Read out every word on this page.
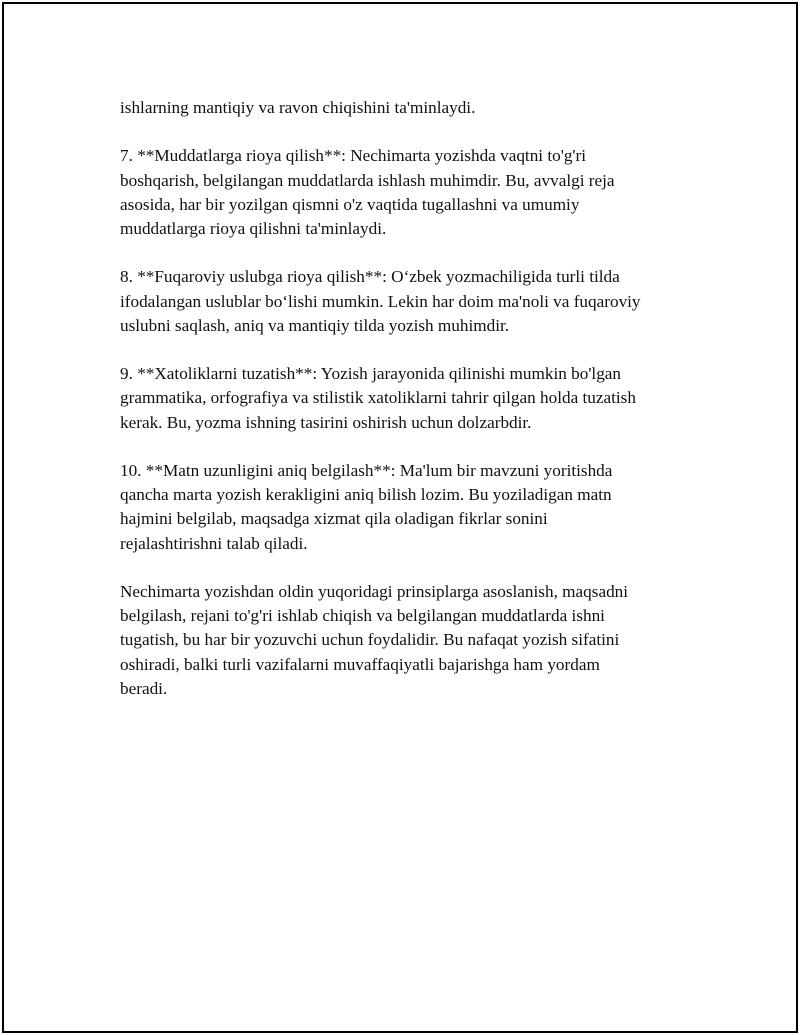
ishlarning mantiqiy va ravon chiqishini ta'minlaydi.

7. **Muddatlarga rioya qilish**: Nechimarta yozishda vaqtni to'g'ri
boshqarish, belgilangan muddatlarda ishlash muhimdir. Bu, avvalgi reja
asosida, har bir yozilgan qismni o'z vaqtida tugallashni va umumiy
muddatlarga rioya qilishni ta'minlaydi.

8. **Fuqaroviy uslubga rioya qilish**: O‘zbek yozmachiligida turli tilda
ifodalangan uslublar bo‘lishi mumkin. Lekin har doim ma'noli va fuqaroviy
uslubni saqlash, aniq va mantiqiy tilda yozish muhimdir.

9. **Xatoliklarni tuzatish**: Yozish jarayonida qilinishi mumkin bo'lgan
grammatika, orfografiya va stilistik xatoliklarni tahrir qilgan holda tuzatish
kerak. Bu, yozma ishning tasirini oshirish uchun dolzarbdir.

10. **Matn uzunligini aniq belgilash**: Ma'lum bir mavzuni yoritishda
qancha marta yozish kerakligini aniq bilish lozim. Bu yoziladigan matn
hajmini belgilab, maqsadga xizmat qila oladigan fikrlar sonini
rejalashtirishni talab qiladi.

Nechimarta yozishdan oldin yuqoridagi prinsiplarga asoslanish, maqsadni
belgilash, rejani to'g'ri ishlab chiqish va belgilangan muddatlarda ishni
tugatish, bu har bir yozuvchi uchun foydalidir. Bu nafaqat yozish sifatini
oshiradi, balki turli vazifalarni muvaffaqiyatli bajarishga ham yordam
beradi.
